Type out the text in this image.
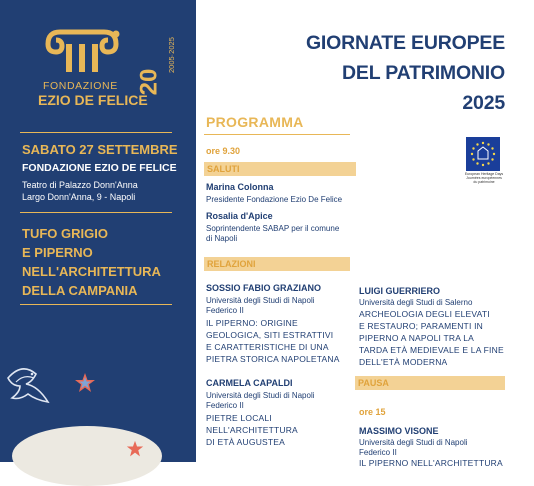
FONDAZIONE
EZIO DE FELICE
20
2005·2025
SABATO 27 SETTEMBRE
FONDAZIONE EZIO DE FELICE
Teatro di Palazzo Donn'Anna
Largo Donn'Anna, 9 - Napoli
TUFO GRIGIO
E PIPERNO
NELL'ARCHITETTURA
DELLA CAMPANIA
GIORNATE EUROPEE
DEL PATRIMONIO
2025
European Heritage Days
Journées européennes
du patrimoine
PROGRAMMA
ore 9.30
SALUTI
Marina Colonna
Presidente Fondazione Ezio De Felice
Rosalia d'Apice
Soprintendente SABAP per il comune
di Napoli
RELAZIONI
SOSSIO FABIO GRAZIANO
Università degli Studi di Napoli
Federico II
IL PIPERNO: ORIGINE
GEOLOGICA, SITI ESTRATTIVI
E CARATTERISTICHE DI UNA
PIETRA STORICA NAPOLETANA
CARMELA CAPALDI
Università degli Studi di Napoli
Federico II
PIETRE LOCALI
NELL'ARCHITETTURA
DI ETÀ AUGUSTEA
LUIGI GUERRIERO
Università degli Studi di Salerno
ARCHEOLOGIA DEGLI ELEVATI
E RESTAURO; PARAMENTI IN
PIPERNO A NAPOLI TRA LA
TARDA ETÀ MEDIEVALE E LA FINE
DELL'ETÀ MODERNA
PAUSA
ore 15
MASSIMO VISONE
Università degli Studi di Napoli
Federico II
IL PIPERNO NELL'ARCHITETTURA
